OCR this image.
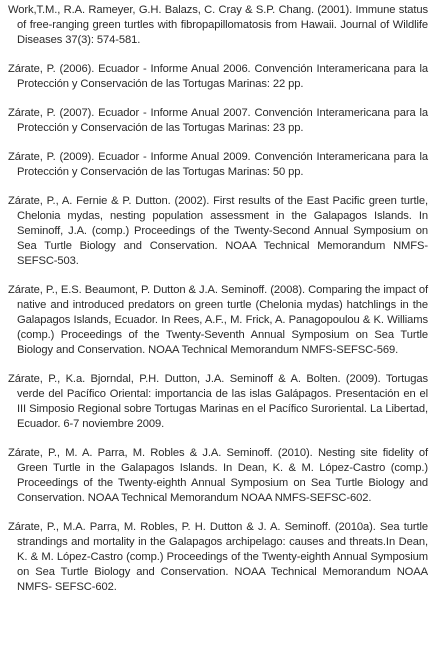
Work,T.M., R.A. Rameyer, G.H. Balazs, C. Cray & S.P. Chang. (2001). Immune status of free-ranging green turtles with fibropapillomatosis from Hawaii. Journal of Wildlife Diseases 37(3): 574-581.

Zárate, P. (2006). Ecuador - Informe Anual 2006. Convención Interamericana para la Protección y Conservación de las Tortugas Marinas: 22 pp.

Zárate, P. (2007). Ecuador - Informe Anual 2007. Convención Interamericana para la Protección y Conservación de las Tortugas Marinas: 23 pp.

Zárate, P. (2009). Ecuador - Informe Anual 2009. Convención Interamericana para la Protección y Conservación de las Tortugas Marinas: 50 pp.

Zárate, P., A. Fernie & P. Dutton. (2002). First results of the East Pacific green turtle, Chelonia mydas, nesting population assessment in the Galapagos Islands. In Seminoff, J.A. (comp.) Proceedings of the Twenty-Second Annual Symposium on Sea Turtle Biology and Conservation. NOAA Technical Memorandum NMFS-SEFSC-503.

Zárate, P., E.S. Beaumont, P. Dutton & J.A. Seminoff. (2008). Comparing the impact of native and introduced predators on green turtle (Chelonia mydas) hatchlings in the Galapagos Islands, Ecuador. In Rees, A.F., M. Frick, A. Panagopoulou & K. Williams (comp.) Proceedings of the Twenty-Seventh Annual Symposium on Sea Turtle Biology and Conservation. NOAA Technical Memorandum NMFS-SEFSC-569.

Zárate, P., K.a. Bjorndal, P.H. Dutton, J.A. Seminoff & A. Bolten. (2009). Tortugas verde del Pacífico Oriental: importancia de las islas Galápagos. Presentación en el III Simposio Regional sobre Tortugas Marinas en el Pacífico Suroriental. La Libertad, Ecuador. 6-7 noviembre 2009.

Zárate, P., M. A. Parra, M. Robles & J.A. Seminoff. (2010). Nesting site fidelity of Green Turtle in the Galapagos Islands. In Dean, K. & M. López-Castro (comp.) Proceedings of the Twenty-eighth Annual Symposium on Sea Turtle Biology and Conservation. NOAA Technical Memorandum NOAA NMFS-SEFSC-602.

Zárate, P., M.A. Parra, M. Robles, P. H. Dutton & J. A. Seminoff. (2010a). Sea turtle strandings and mortality in the Galapagos archipelago: causes and threats.In Dean, K. & M. López-Castro (comp.) Proceedings of the Twenty-eighth Annual Symposium on Sea Turtle Biology and Conservation. NOAA Technical Memorandum NOAA NMFS- SEFSC-602.
